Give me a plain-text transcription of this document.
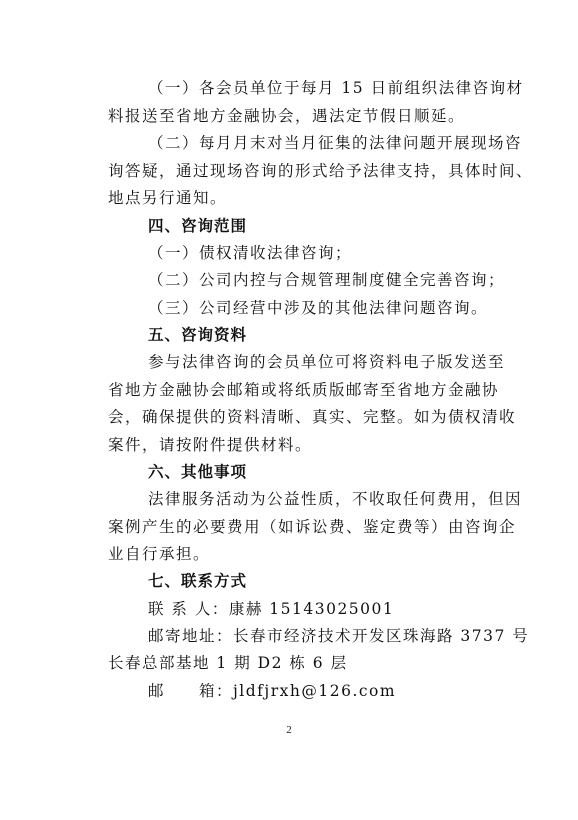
（一）各会员单位于每月 15 日前组织法律咨询材
料报送至省地方金融协会，遇法定节假日顺延。
（二）每月月末对当月征集的法律问题开展现场咨
询答疑，通过现场咨询的形式给予法律支持，具体时间、
地点另行通知。
四、咨询范围
（一）债权清收法律咨询；
（二）公司内控与合规管理制度健全完善咨询；
（三）公司经营中涉及的其他法律问题咨询。
五、咨询资料
参与法律咨询的会员单位可将资料电子版发送至
省地方金融协会邮箱或将纸质版邮寄至省地方金融协
会，确保提供的资料清晰、真实、完整。如为债权清收
案件，请按附件提供材料。
六、其他事项
法律服务活动为公益性质，不收取任何费用，但因
案例产生的必要费用（如诉讼费、鉴定费等）由咨询企
业自行承担。
七、联系方式
联 系 人：康赫 15143025001
邮寄地址：长春市经济技术开发区珠海路 3737 号
长春总部基地 1 期 D2 栋 6 层
邮　　箱：jldfjrxh@126.com
2
